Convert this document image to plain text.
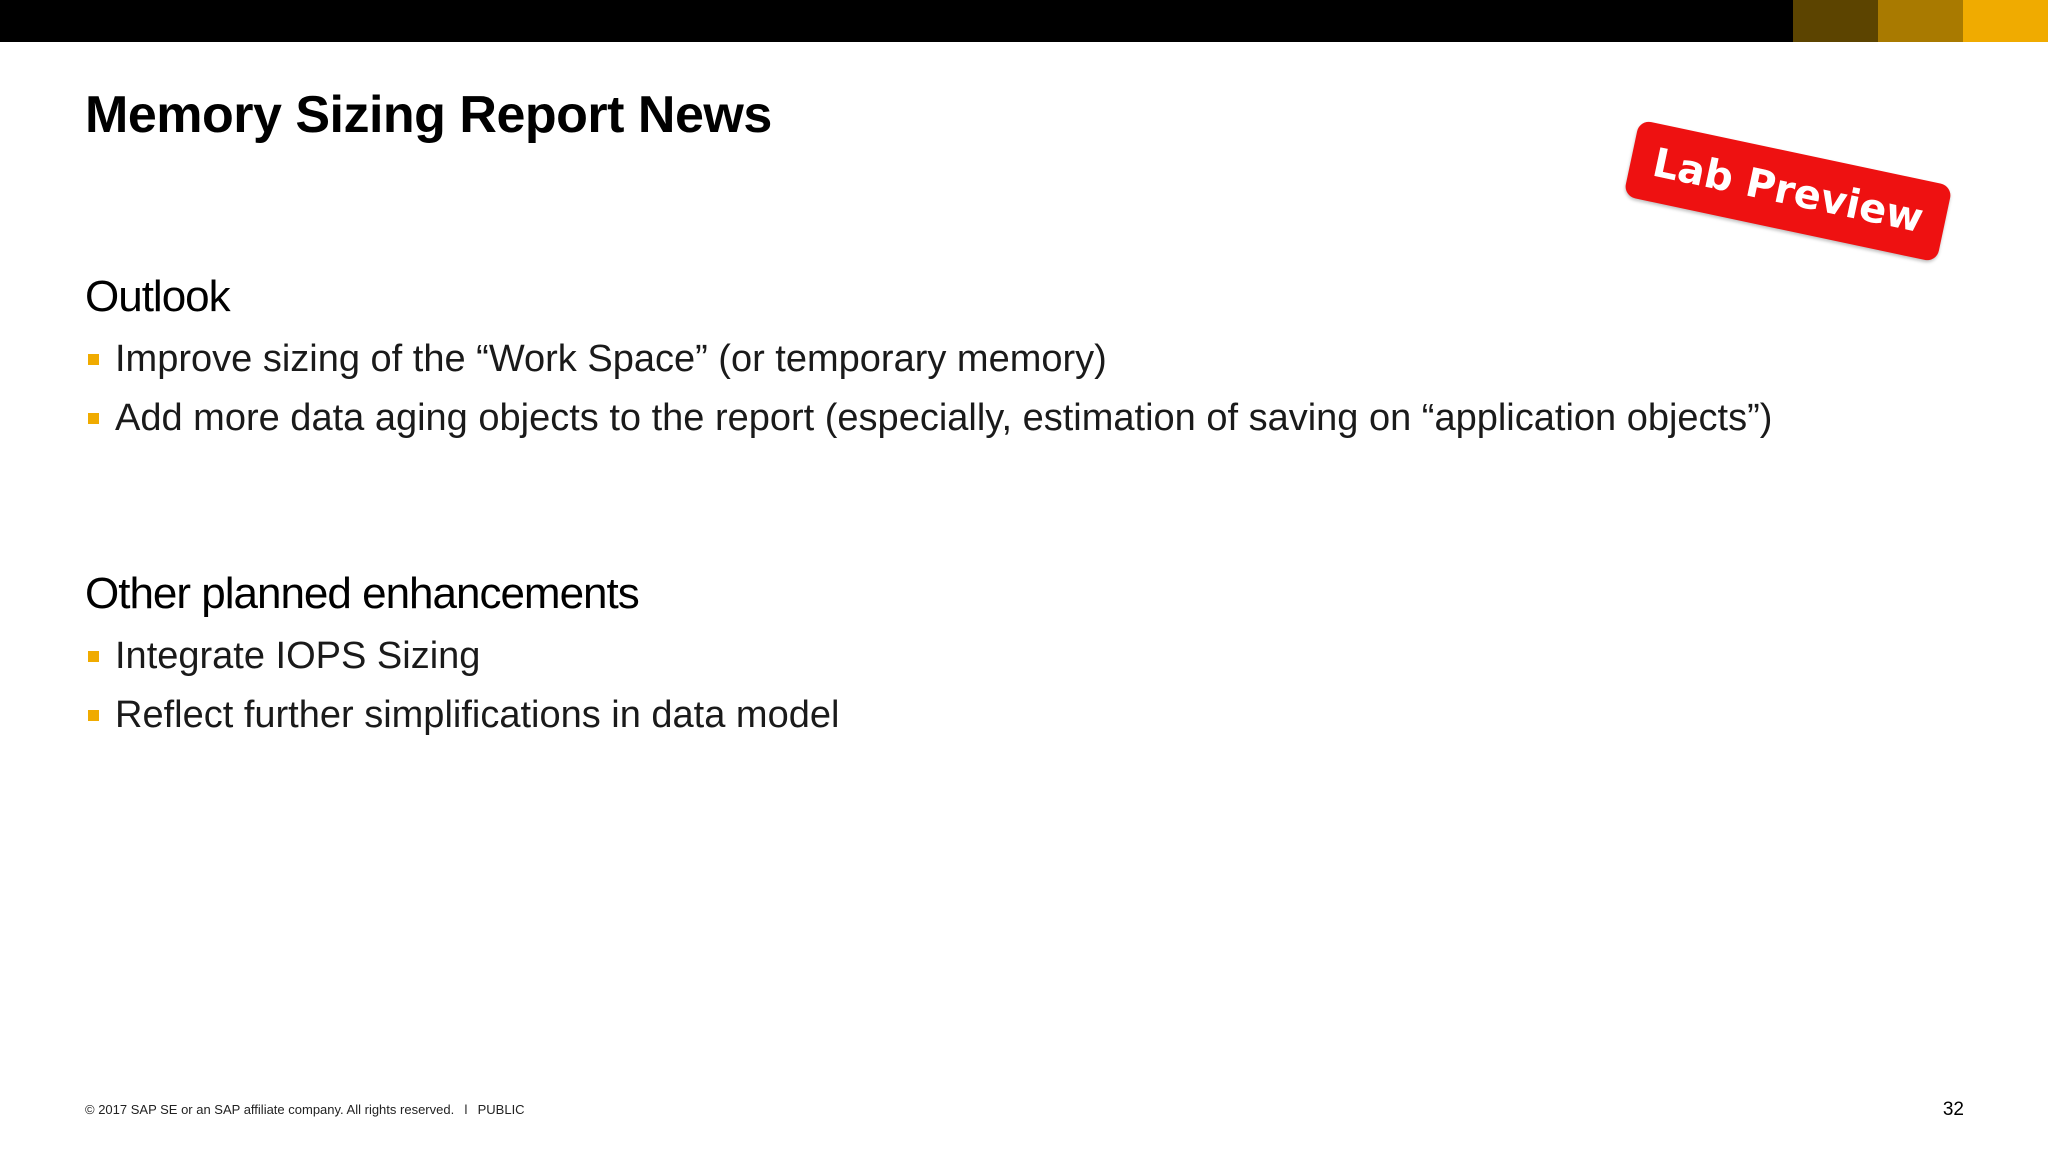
Memory Sizing Report News
Lab Preview
Outlook
Improve sizing of the “Work Space” (or temporary memory)
Add more data aging objects to the report (especially, estimation of saving on “application objects”)
Other planned enhancements
Integrate IOPS Sizing
Reflect further simplifications in data model
© 2017 SAP SE or an SAP affiliate company. All rights reserved. ǀ PUBLIC	32
